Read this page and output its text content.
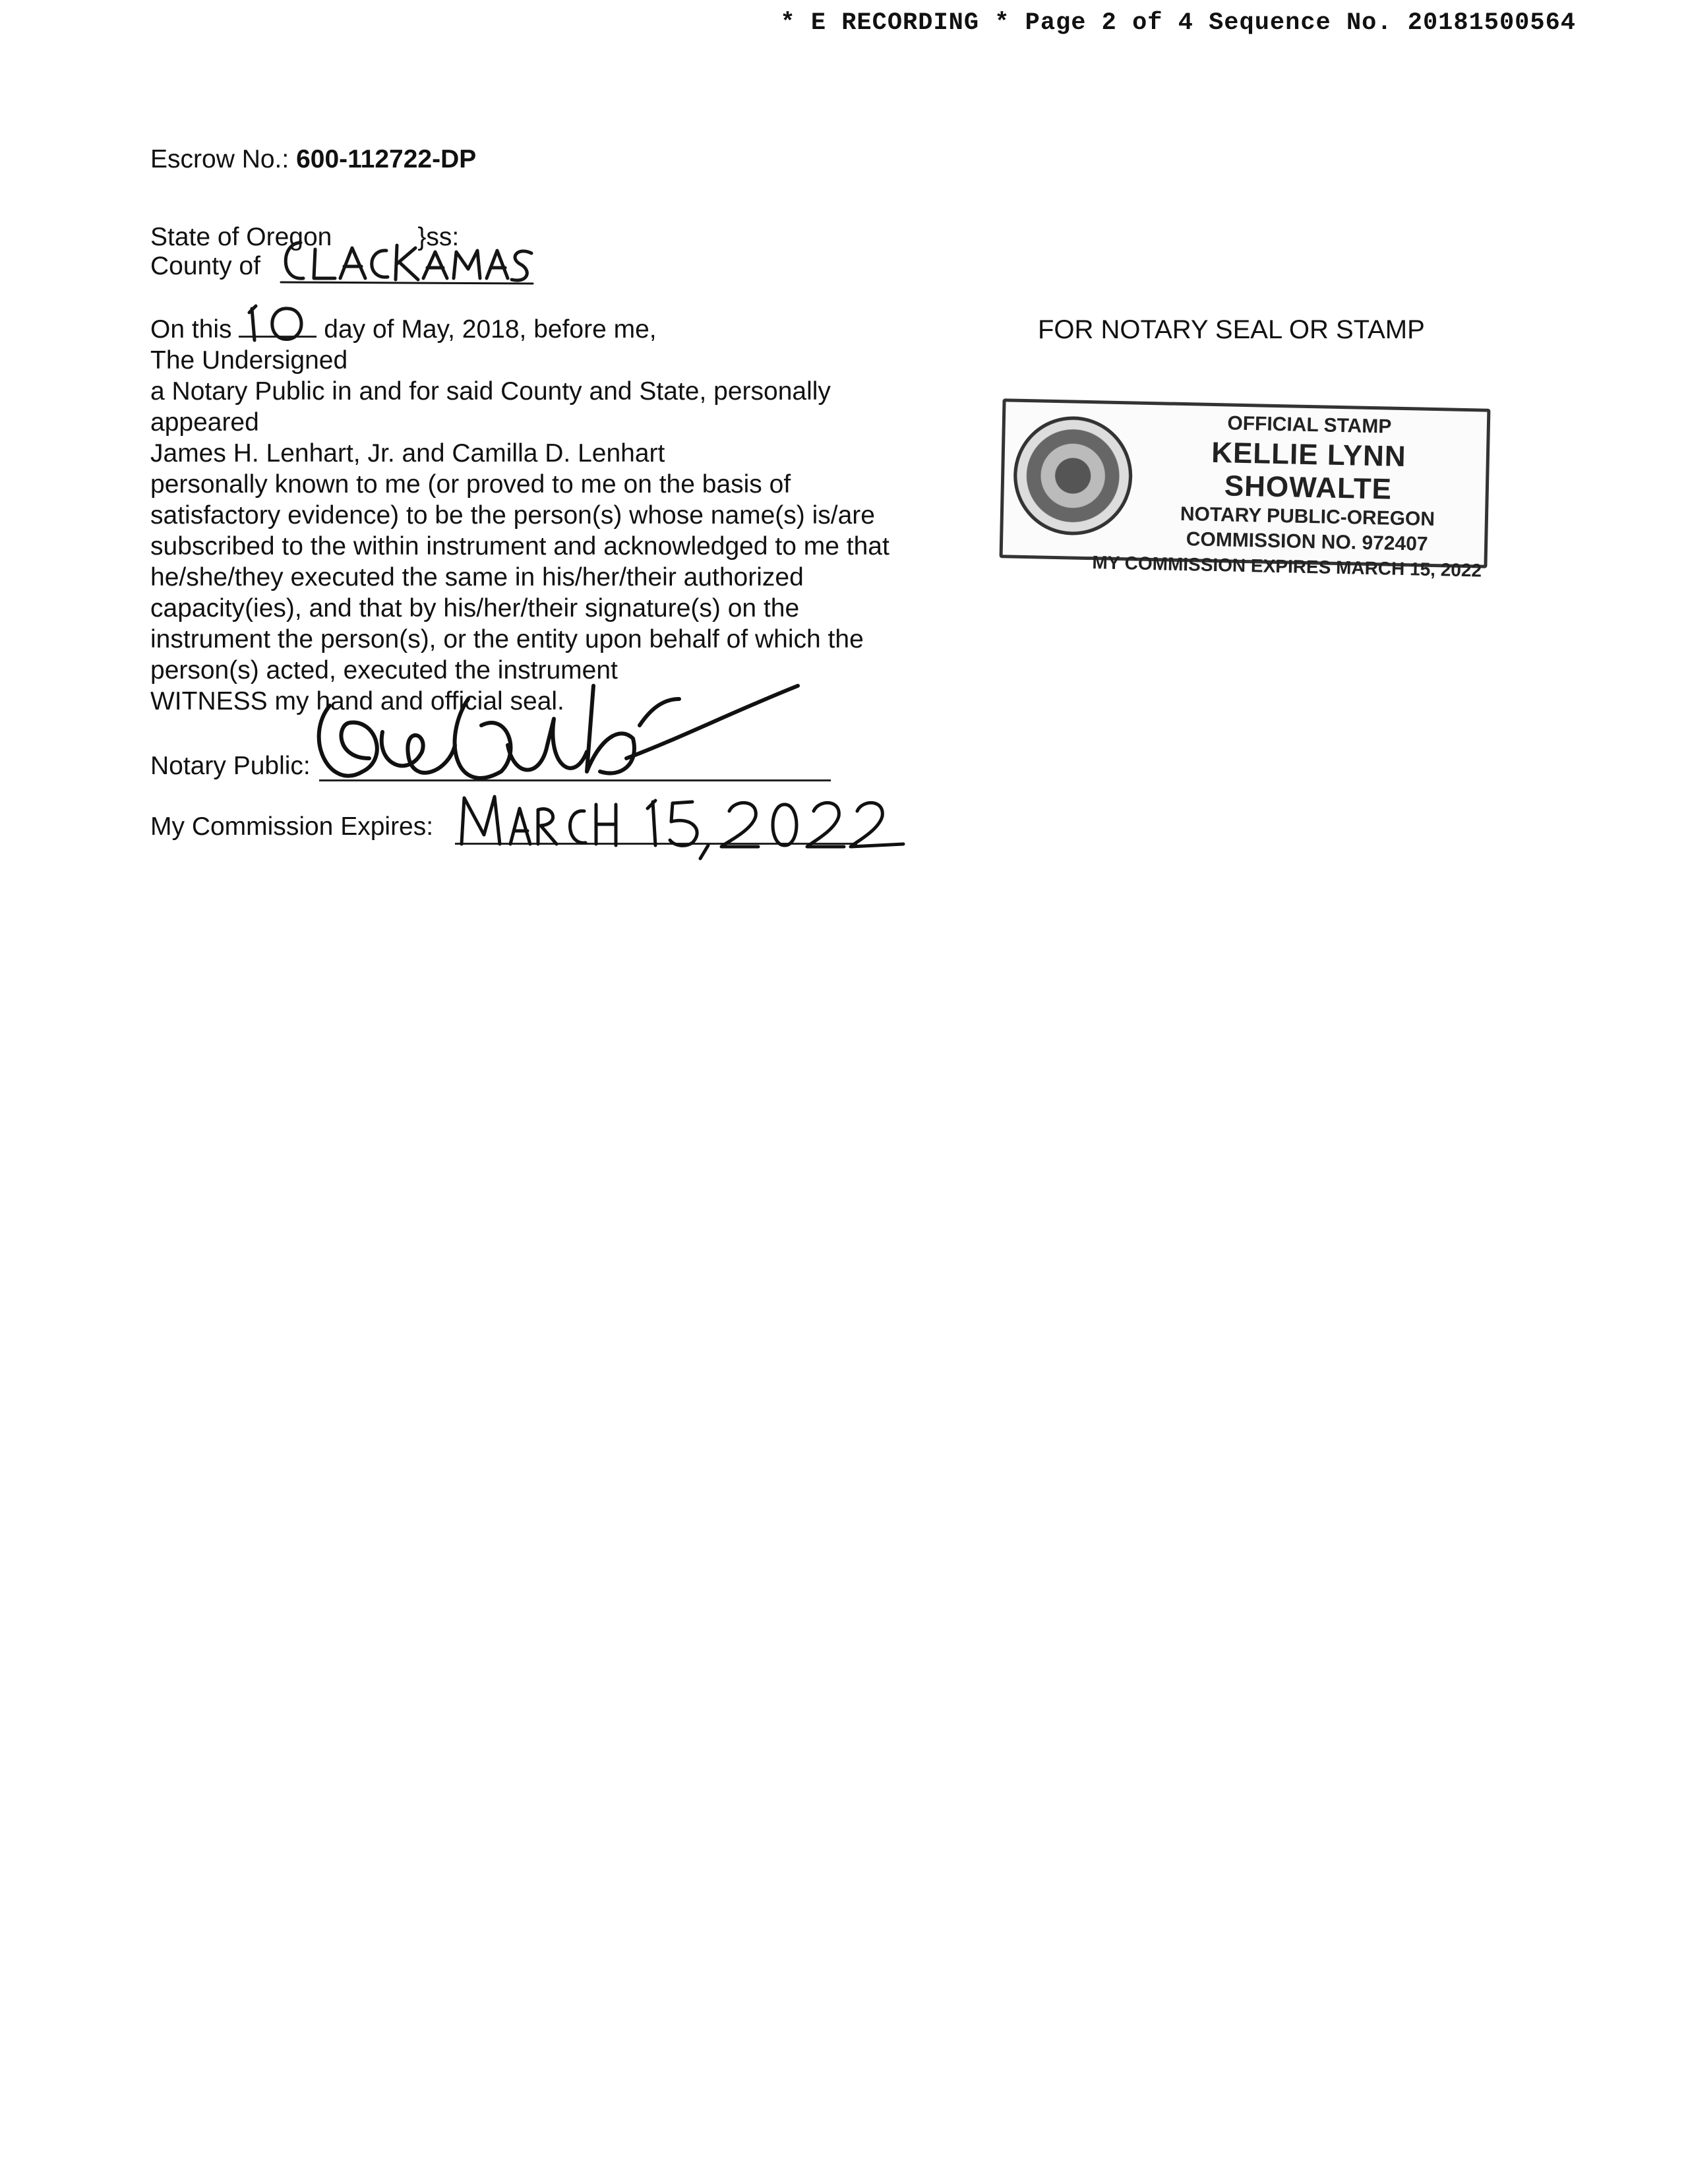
* E RECORDING * Page 2 of 4 Sequence No. 20181500564
Escrow No.: 600-112722-DP
State of Oregon            }ss:
County of
On this	day of May, 2018, before me,
The Undersigned
a Notary Public in and for said County and State, personally
appeared
James H. Lenhart, Jr. and Camilla D. Lenhart
personally known to me (or proved to me on the basis of
satisfactory evidence) to be the person(s) whose name(s) is/are
subscribed to the within instrument and acknowledged to me that
he/she/they executed the same in his/her/their authorized
capacity(ies), and that by his/her/their signature(s) on the
instrument the person(s), or the entity upon behalf of which the
person(s) acted, executed the instrument
WITNESS my hand and official seal.
Notary Public:
My Commission Expires:
FOR NOTARY SEAL OR STAMP
OFFICIAL STAMP
KELLIE LYNN SHOWALTE
NOTARY PUBLIC-OREGON
COMMISSION NO. 972407
MY COMMISSION EXPIRES MARCH 15, 2022
